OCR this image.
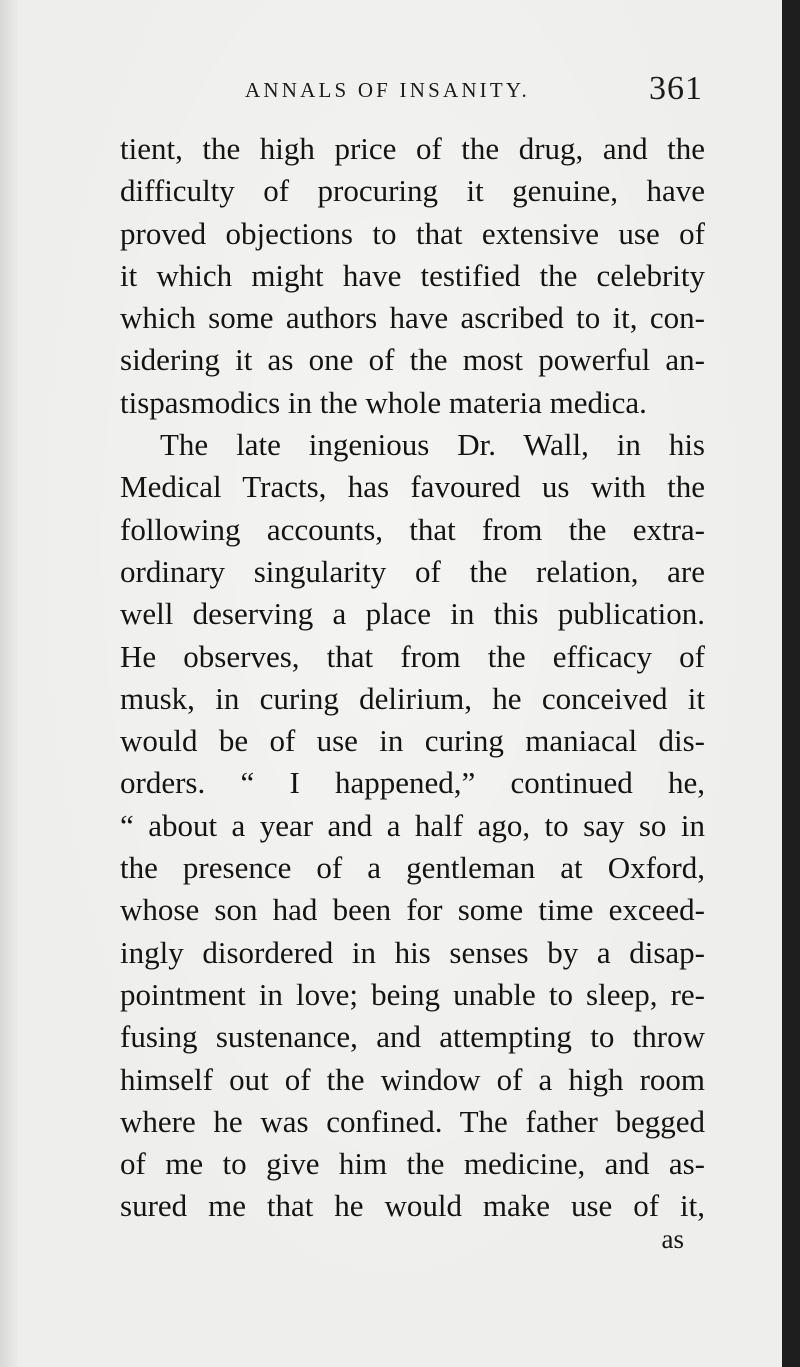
ANNALS OF INSANITY.	361
tient, the high price of the drug, and the
difficulty of procuring it genuine, have
proved objections to that extensive use of
it which might have testified the celebrity
which some authors have ascribed to it, con-
sidering it as one of the most powerful an-
tispasmodics in the whole materia medica.
The late ingenious Dr. Wall, in his
Medical Tracts, has favoured us with the
following accounts, that from the extra-
ordinary singularity of the relation, are
well deserving a place in this publication.
He observes, that from the efficacy of
musk, in curing delirium, he conceived it
would be of use in curing maniacal dis-
orders. “ I happened,” continued he,
“ about a year and a half ago, to say so in
the presence of a gentleman at Oxford,
whose son had been for some time exceed-
ingly disordered in his senses by a disap-
pointment in love; being unable to sleep, re-
fusing sustenance, and attempting to throw
himself out of the window of a high room
where he was confined. The father begged
of me to give him the medicine, and as-
sured me that he would make use of it,
as
